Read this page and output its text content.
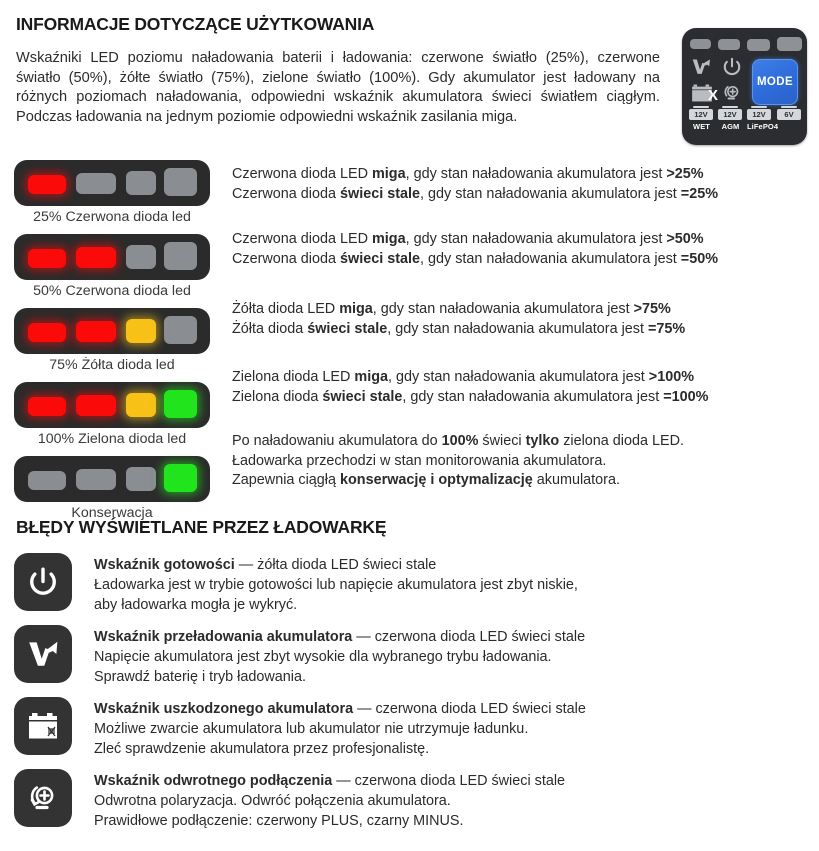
INFORMACJE DOTYCZĄCE UŻYTKOWANIA

Wskaźniki LED poziomu naładowania baterii i ładowania: czerwone światło (25%), czerwone światło (50%), żółte światło (75%), zielone światło (100%). Gdy akumulator jest ładowany na różnych poziomach naładowania, odpowiedni wskaźnik akumulatora świeci światłem ciągłym. Podczas ładowania na jednym poziomie odpowiedni wskaźnik zasilania miga.

X
MODE
12V
WET
12V
AGM
12V
LiFePO4
6V
25% Czerwona dioda led
50% Czerwona dioda led
75% Żółta dioda led
100% Zielona dioda led
Konserwacja
Czerwona dioda LED miga, gdy stan naładowania akumulatora jest >25%
Czerwona dioda świeci stale, gdy stan naładowania akumulatora jest =25%
Czerwona dioda LED miga, gdy stan naładowania akumulatora jest >50%
Czerwona dioda świeci stale, gdy stan naładowania akumulatora jest =50%
Żółta dioda LED miga, gdy stan naładowania akumulatora jest >75%
Żółta dioda świeci stale, gdy stan naładowania akumulatora jest =75%
Zielona dioda LED miga, gdy stan naładowania akumulatora jest >100%
Zielona dioda świeci stale, gdy stan naładowania akumulatora jest =100%
Po naładowaniu akumulatora do 100% świeci tylko zielona dioda LED.
Ładowarka przechodzi w stan monitorowania akumulatora.
Zapewnia ciągłą konserwację i optymalizację akumulatora.
BŁĘDY WYŚWIETLANE PRZEZ ŁADOWARKĘ
Wskaźnik gotowości — żółta dioda LED świeci stale
Ładowarka jest w trybie gotowości lub napięcie akumulatora jest zbyt niskie,
aby ładowarka mogła je wykryć.
Wskaźnik przeładowania akumulatora — czerwona dioda LED świeci stale
Napięcie akumulatora jest zbyt wysokie dla wybranego trybu ładowania.
Sprawdź baterię i tryb ładowania.
Wskaźnik uszkodzonego akumulatora — czerwona dioda LED świeci stale
Możliwe zwarcie akumulatora lub akumulator nie utrzymuje ładunku.
Zleć sprawdzenie akumulatora przez profesjonalistę.
Wskaźnik odwrotnego podłączenia — czerwona dioda LED świeci stale
Odwrotna polaryzacja. Odwróć połączenia akumulatora.
Prawidłowe podłączenie: czerwony PLUS, czarny MINUS.
